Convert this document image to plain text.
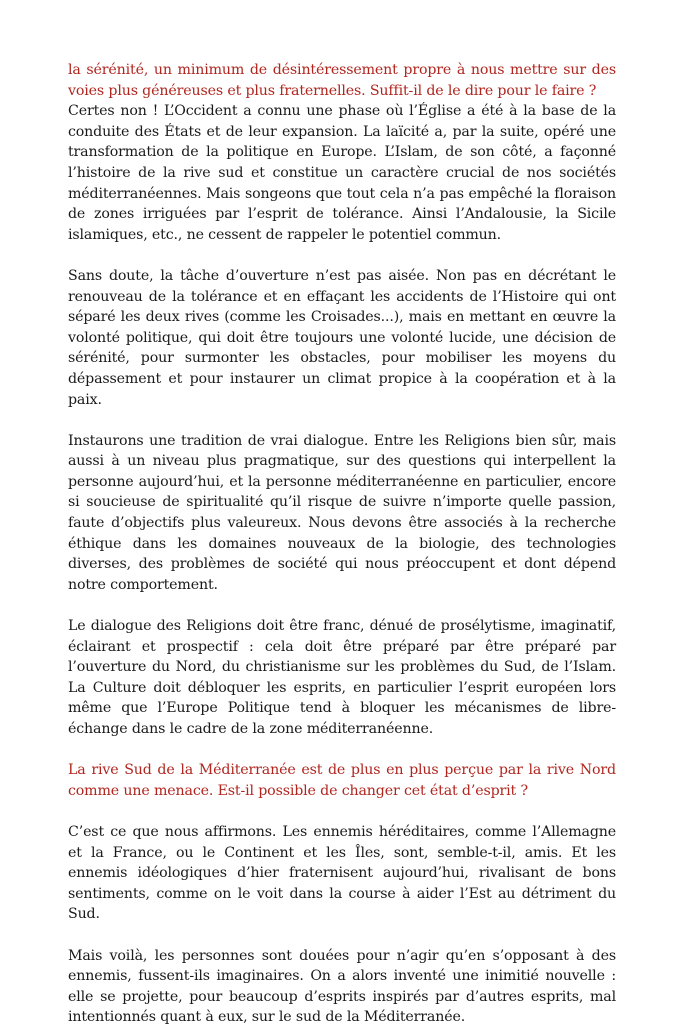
la sérénité, un minimum de désintéressement propre à nous mettre sur des voies plus généreuses et plus fraternelles. Suffit-il de le dire pour le faire ?

Certes non ! L’Occident a connu une phase où l’Église a été à la base de la conduite des États et de leur expansion. La laïcité a, par la suite, opéré une transformation de la politique en Europe. L’Islam, de son côté, a façonné l’histoire de la rive sud et constitue un caractère crucial de nos sociétés méditerranéennes. Mais songeons que tout cela n’a pas empêché la floraison de zones irriguées par l’esprit de tolérance. Ainsi l’Andalousie, la Sicile islamiques, etc., ne cessent de rappeler le potentiel commun.

Sans doute, la tâche d’ouverture n’est pas aisée. Non pas en décrétant le renouveau de la tolérance et en effaçant les accidents de l’Histoire qui ont séparé les deux rives (comme les Croisades...), mais en mettant en œuvre la volonté politique, qui doit être toujours une volonté lucide, une décision de sérénité, pour surmonter les obstacles, pour mobiliser les moyens du dépassement et pour instaurer un climat propice à la coopération et à la paix.

Instaurons une tradition de vrai dialogue. Entre les Religions bien sûr, mais aussi à un niveau plus pragmatique, sur des questions qui interpellent la personne aujourd’hui, et la personne méditerranéenne en particulier, encore si soucieuse de spiritualité qu’il risque de suivre n’importe quelle passion, faute d’objectifs plus valeureux. Nous devons être associés à la recherche éthique dans les domaines nouveaux de la biologie, des technologies diverses, des problèmes de société qui nous préoccupent et dont dépend notre comportement.

Le dialogue des Religions doit être franc, dénué de prosélytisme, imaginatif, éclairant et prospectif : cela doit être préparé par être préparé par l’ouverture du Nord, du christianisme sur les problèmes du Sud, de l’Islam. La Culture doit débloquer les esprits, en particulier l’esprit européen lors même que l’Europe Politique tend à bloquer les mécanismes de libre-échange dans le cadre de la zone méditerranéenne.

La rive Sud de la Méditerranée est de plus en plus perçue par la rive Nord comme une menace. Est-il possible de changer cet état d’esprit ?

C’est ce que nous affirmons. Les ennemis héréditaires, comme l’Allemagne et la France, ou le Continent et les Îles, sont, semble-t-il, amis. Et les ennemis idéologiques d’hier fraternisent aujourd’hui, rivalisant de bons sentiments, comme on le voit dans la course à aider l’Est au détriment du Sud.

Mais voilà, les personnes sont douées pour n’agir qu’en s’opposant à des ennemis, fussent-ils imaginaires. On a alors inventé une inimitié nouvelle : elle se projette, pour beaucoup d’esprits inspirés par d’autres esprits, mal intentionnés quant à eux, sur le sud de la Méditerranée.
